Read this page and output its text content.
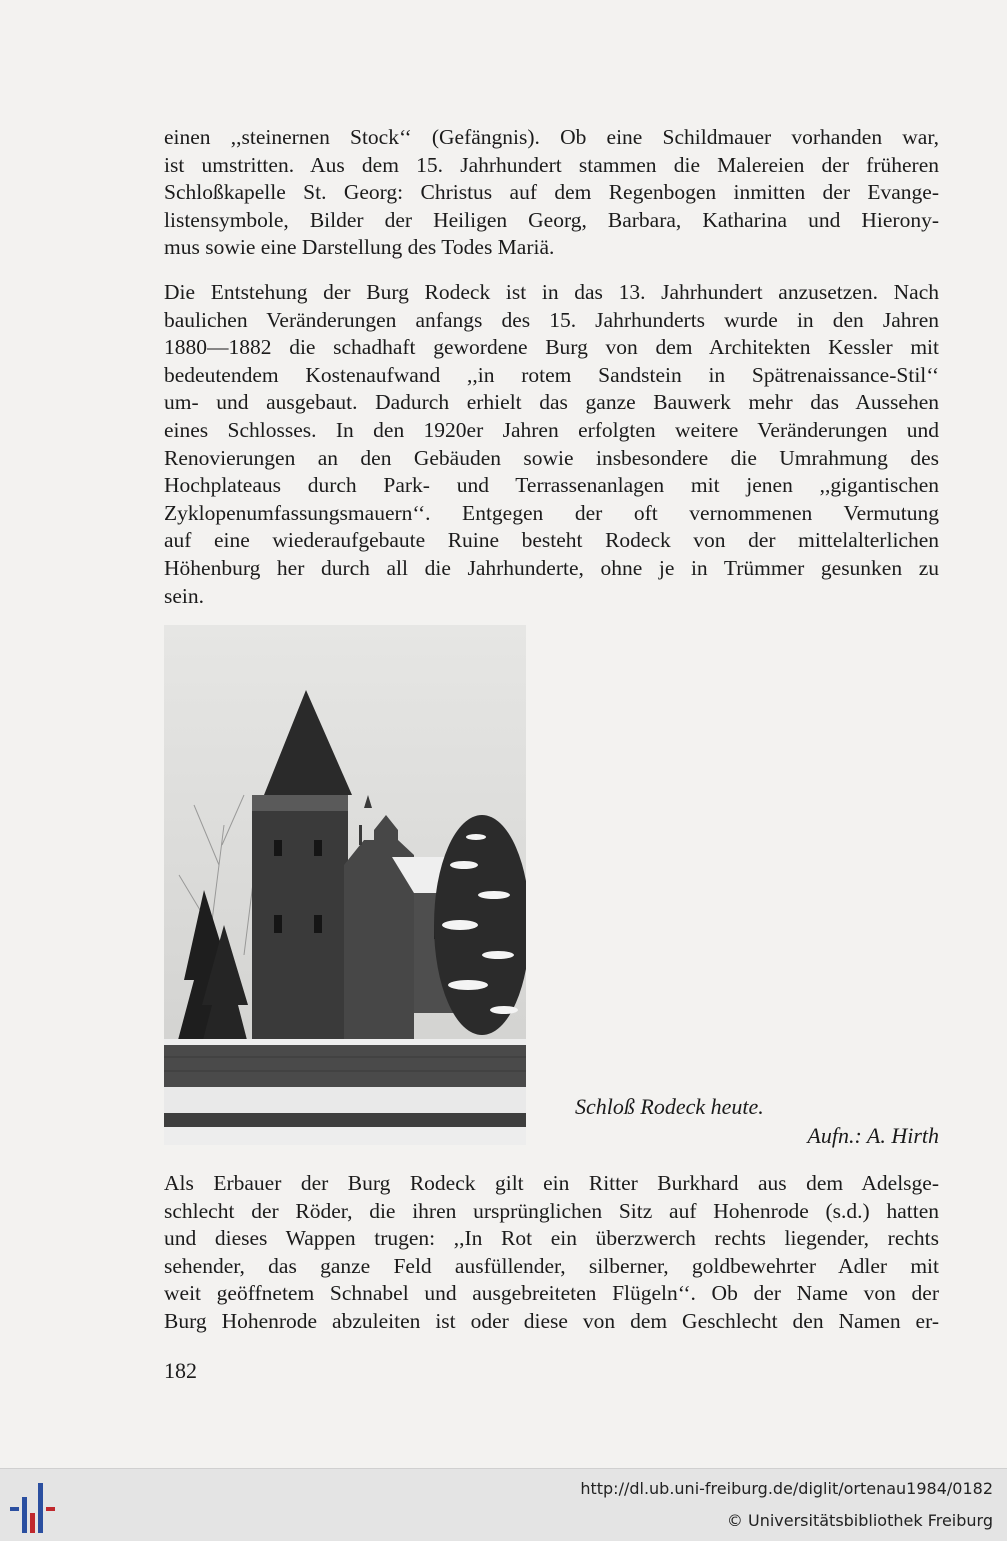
einen ,,steinernen Stock‘‘ (Gefängnis). Ob eine Schildmauer vorhanden war,
ist umstritten. Aus dem 15. Jahrhundert stammen die Malereien der früheren
Schloßkapelle St. Georg: Christus auf dem Regenbogen inmitten der Evange-
listensymbole, Bilder der Heiligen Georg, Barbara, Katharina und Hierony-
mus sowie eine Darstellung des Todes Mariä.

Die Entstehung der Burg Rodeck ist in das 13. Jahrhundert anzusetzen. Nach
baulichen Veränderungen anfangs des 15. Jahrhunderts wurde in den Jahren
1880—1882 die schadhaft gewordene Burg von dem Architekten Kessler mit
bedeutendem Kostenaufwand ,,in rotem Sandstein in Spätrenaissance-Stil‘‘
um- und ausgebaut. Dadurch erhielt das ganze Bauwerk mehr das Aussehen
eines Schlosses. In den 1920er Jahren erfolgten weitere Veränderungen und
Renovierungen an den Gebäuden sowie insbesondere die Umrahmung des
Hochplateaus durch Park- und Terrassenanlagen mit jenen ,,gigantischen
Zyklopenumfassungsmauern‘‘. Entgegen der oft vernommenen Vermutung
auf eine wiederaufgebaute Ruine besteht Rodeck von der mittelalterlichen
Höhenburg her durch all die Jahrhunderte, ohne je in Trümmer gesunken zu
sein.

Schloß Rodeck heute.

Aufn.: A. Hirth

Als Erbauer der Burg Rodeck gilt ein Ritter Burkhard aus dem Adelsge-
schlecht der Röder, die ihren ursprünglichen Sitz auf Hohenrode (s.d.) hatten
und dieses Wappen trugen: ,,In Rot ein überzwerch rechts liegender, rechts
sehender, das ganze Feld ausfüllender, silberner, goldbewehrter Adler mit
weit geöffnetem Schnabel und ausgebreiteten Flügeln‘‘. Ob der Name von der
Burg Hohenrode abzuleiten ist oder diese von dem Geschlecht den Namen er-

182

http://dl.ub.uni-freiburg.de/diglit/ortenau1984/0182
© Universitätsbibliothek Freiburg
